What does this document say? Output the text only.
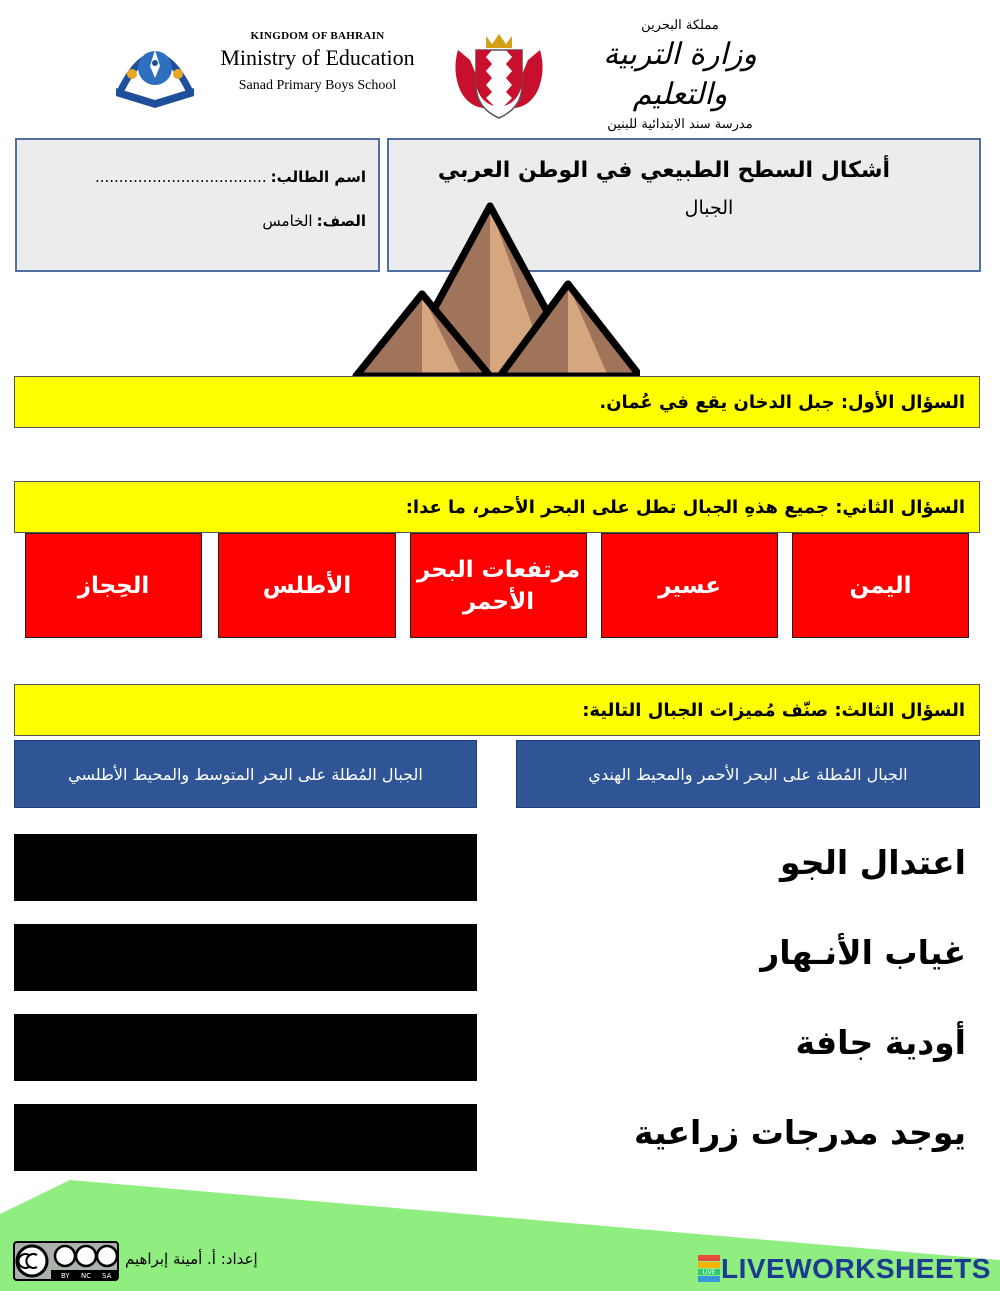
KINGDOM OF BAHRAIN
Ministry of Education
Sanad Primary Boys School
مملكة البحرين
وزارة التربية والتعليم
مدرسة سند الابتدائية للبنين
اسم الطالب:
....................................
الصف:
الخامس
أشكال السطح الطبيعي في الوطن العربي
الجبال
السؤال الأول: جبل الدخان يقع في عُمان.
السؤال الثاني: جميع هذهِ الجبال تطل على البحر الأحمر، ما عدا:
اليمن
عسير
مرتفعات البحر الأحمر
الأطلس
الحِجاز
السؤال الثالث: صنّف مُميزات الجبال التالية:
الجبال المُطلة على البحر الأحمر والمحيط الهندي
الجبال المُطلة على البحر المتوسط والمحيط الأطلسي
اعتدال الجو
غياب الأنـهار
أودية جافة
يوجد مدرجات زراعية
BY NC SA
إعداد: أ. أمينة إبراهيم
LIVE LIVEWORKSHEETS
